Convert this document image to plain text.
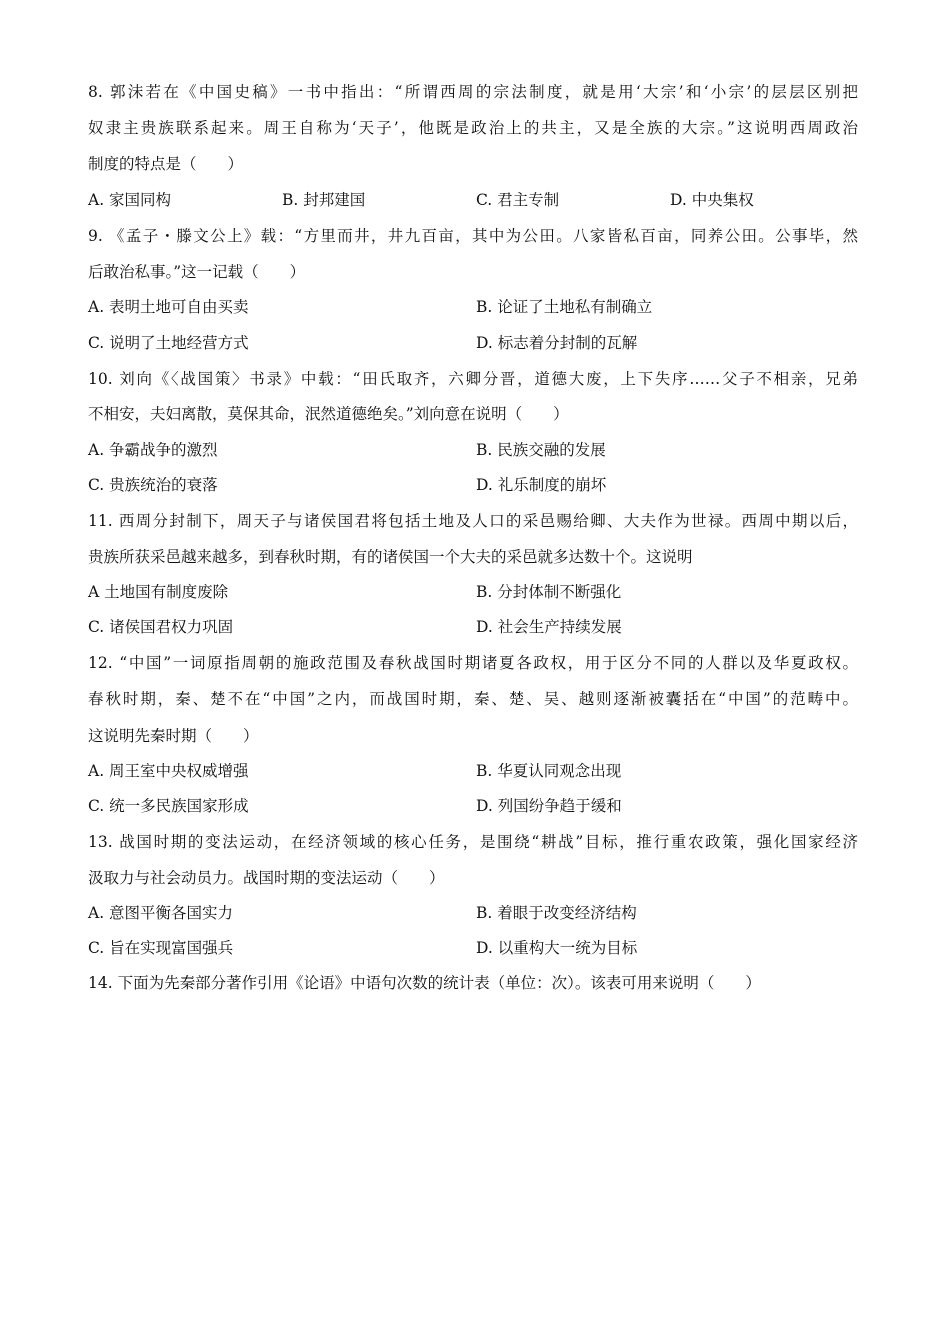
8. 郭沫若在《中国史稿》一书中指出：“所谓西周的宗法制度，就是用‘大宗’和‘小宗’的层层区别把
奴隶主贵族联系起来。周王自称为‘天子’，他既是政治上的共主，又是全族的大宗。”这说明西周政治
制度的特点是（　　）
A. 家国同构	B. 封邦建国	C. 君主专制	D. 中央集权
9. 《孟子・滕文公上》载：“方里而井，井九百亩，其中为公田。八家皆私百亩，同养公田。公事毕，然
后敢治私事。”这一记载（　　）
A. 表明土地可自由买卖	B. 论证了土地私有制确立
C. 说明了土地经营方式	D. 标志着分封制的瓦解
10. 刘向《〈战国策〉书录》中载：“田氏取齐，六卿分晋，道德大废，上下失序……父子不相亲，兄弟
不相安，夫妇离散，莫保其命，泯然道德绝矣。”刘向意在说明（　　）
A. 争霸战争的激烈	B. 民族交融的发展
C. 贵族统治的衰落	D. 礼乐制度的崩坏
11. 西周分封制下，周天子与诸侯国君将包括土地及人口的采邑赐给卿、大夫作为世禄。西周中期以后，
贵族所获采邑越来越多，到春秋时期，有的诸侯国一个大夫的采邑就多达数十个。这说明
A 土地国有制度废除	B. 分封体制不断强化
C. 诸侯国君权力巩固	D. 社会生产持续发展
12. “中国”一词原指周朝的施政范围及春秋战国时期诸夏各政权，用于区分不同的人群以及华夏政权。
春秋时期，秦、楚不在“中国”之内，而战国时期，秦、楚、吴、越则逐渐被囊括在“中国”的范畴中。
这说明先秦时期（　　）
A. 周王室中央权威增强	B. 华夏认同观念出现
C. 统一多民族国家形成	D. 列国纷争趋于缓和
13. 战国时期的变法运动，在经济领域的核心任务，是围绕“耕战”目标，推行重农政策，强化国家经济
汲取力与社会动员力。战国时期的变法运动（　　）
A. 意图平衡各国实力	B. 着眼于改变经济结构
C. 旨在实现富国强兵	D. 以重构大一统为目标
14. 下面为先秦部分著作引用《论语》中语句次数的统计表（单位：次）。该表可用来说明（　　）
